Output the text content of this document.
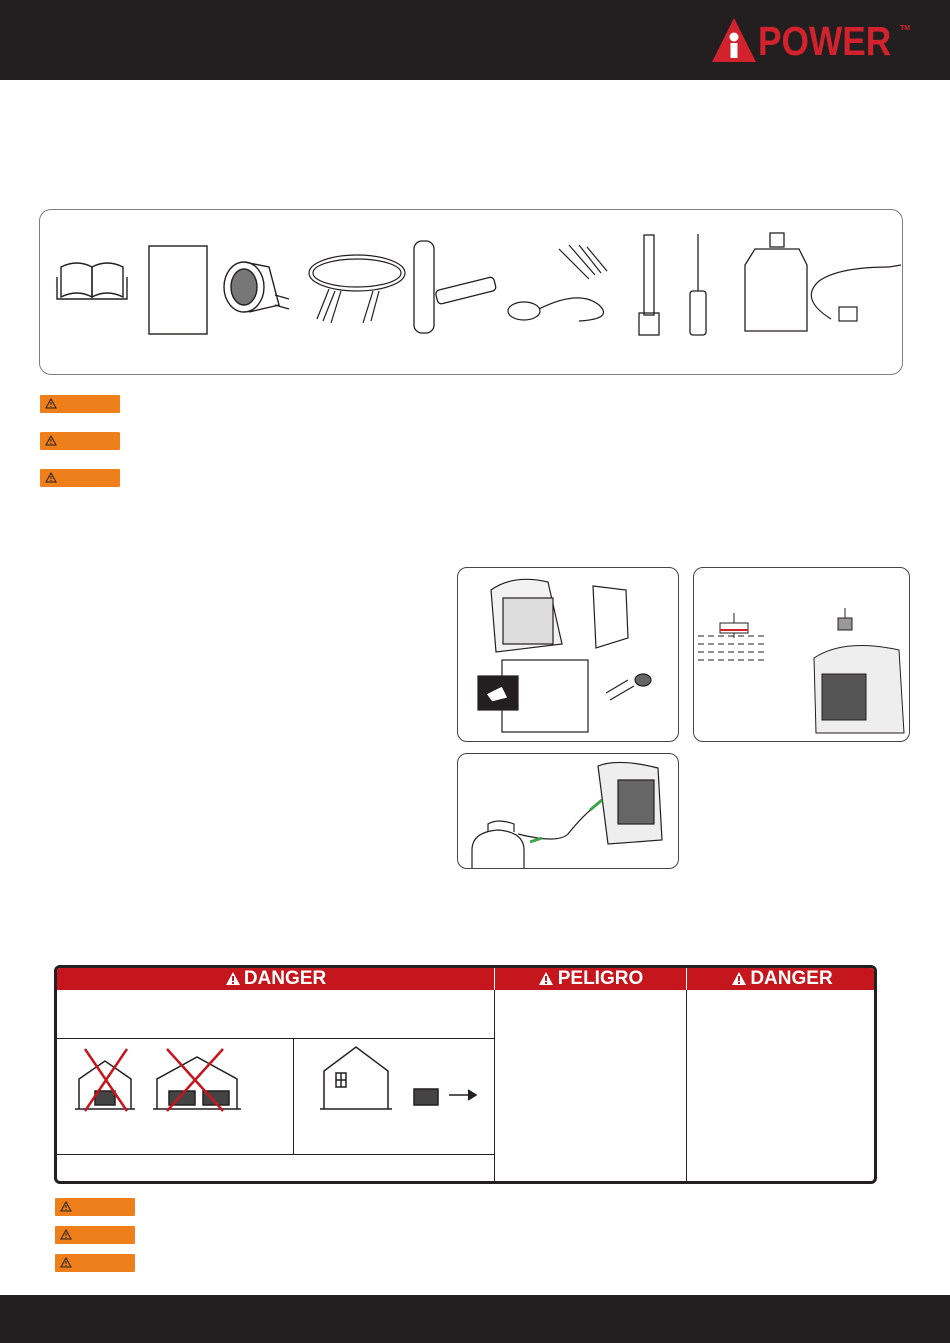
POWER TM
DANGER	PELIGRO	DANGER
